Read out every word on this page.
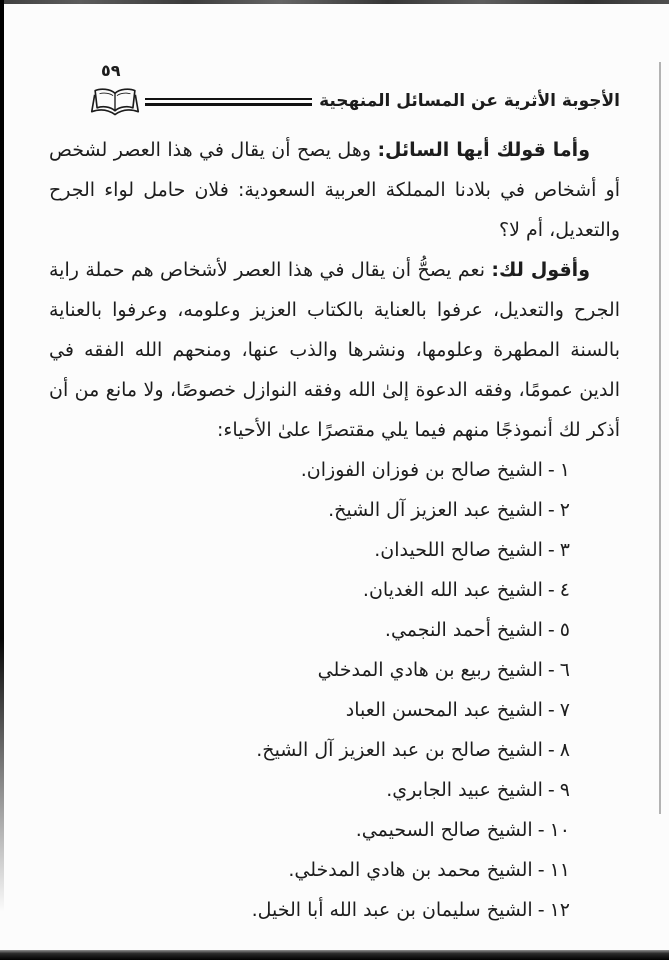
٥٩
الأجوبة الأثرية عن المسائل المنهجية

وأما قولك أيها السائل: وهل يصح أن يقال في هذا العصر لشخص أو أشخاص في بلادنا المملكة العربية السعودية: فلان حامل لواء الجرح والتعديل، أم لا؟

وأقول لك: نعم يصحُّ أن يقال في هذا العصر لأشخاص هم حملة راية الجرح والتعديل، عرفوا بالعناية بالكتاب العزيز وعلومه، وعرفوا بالعناية بالسنة المطهرة وعلومها، ونشرها والذب عنها، ومنحهم الله الفقه في الدين عمومًا، وفقه الدعوة إلىٰ الله وفقه النوازل خصوصًا، ولا مانع من أن أذكر لك أنموذجًا منهم فيما يلي مقتصرًا علىٰ الأحياء:

١-الشيخ صالح بن فوزان الفوزان.
٢-الشيخ عبد العزيز آل الشيخ.
٣-الشيخ صالح اللحيدان.
٤-الشيخ عبد الله الغديان.
٥-الشيخ أحمد النجمي.
٦-الشيخ ربيع بن هادي المدخلي
٧-الشيخ عبد المحسن العباد
٨-الشيخ صالح بن عبد العزيز آل الشيخ.
٩-الشيخ عبيد الجابري.
١٠-الشيخ صالح السحيمي.
١١-الشيخ محمد بن هادي المدخلي.
١٢-الشيخ سليمان بن عبد الله أبا الخيل.
